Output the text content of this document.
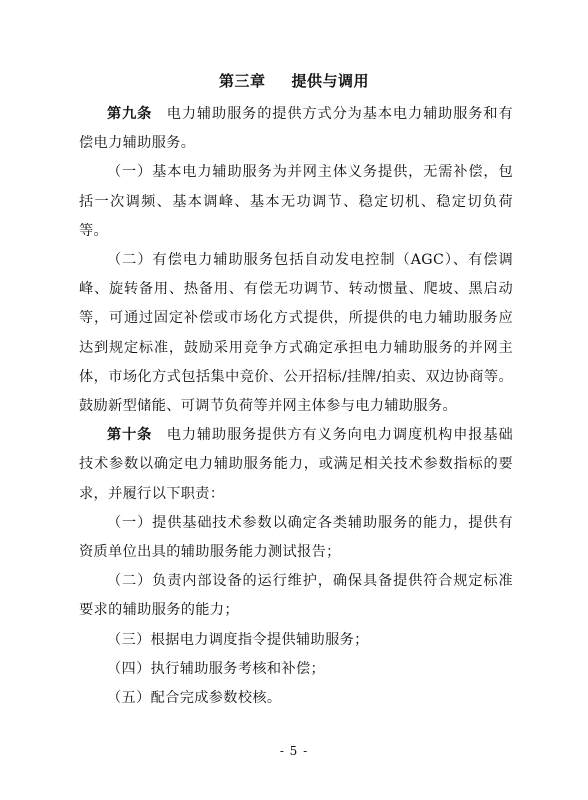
第三章 提供与调用

第九条 电力辅助服务的提供方式分为基本电力辅助服务和有偿电力辅助服务。

（一）基本电力辅助服务为并网主体义务提供，无需补偿，包括一次调频、基本调峰、基本无功调节、稳定切机、稳定切负荷等。

（二）有偿电力辅助服务包括自动发电控制（AGC）、有偿调峰、旋转备用、热备用、有偿无功调节、转动惯量、爬坡、黑启动等，可通过固定补偿或市场化方式提供，所提供的电力辅助服务应达到规定标准，鼓励采用竞争方式确定承担电力辅助服务的并网主体，市场化方式包括集中竞价、公开招标/挂牌/拍卖、双边协商等。鼓励新型储能、可调节负荷等并网主体参与电力辅助服务。

第十条 电力辅助服务提供方有义务向电力调度机构申报基础技术参数以确定电力辅助服务能力，或满足相关技术参数指标的要求，并履行以下职责：

（一）提供基础技术参数以确定各类辅助服务的能力，提供有资质单位出具的辅助服务能力测试报告；

（二）负责内部设备的运行维护，确保具备提供符合规定标准要求的辅助服务的能力；

（三）根据电力调度指令提供辅助服务；

（四）执行辅助服务考核和补偿；

（五）配合完成参数校核。

- 5 -
